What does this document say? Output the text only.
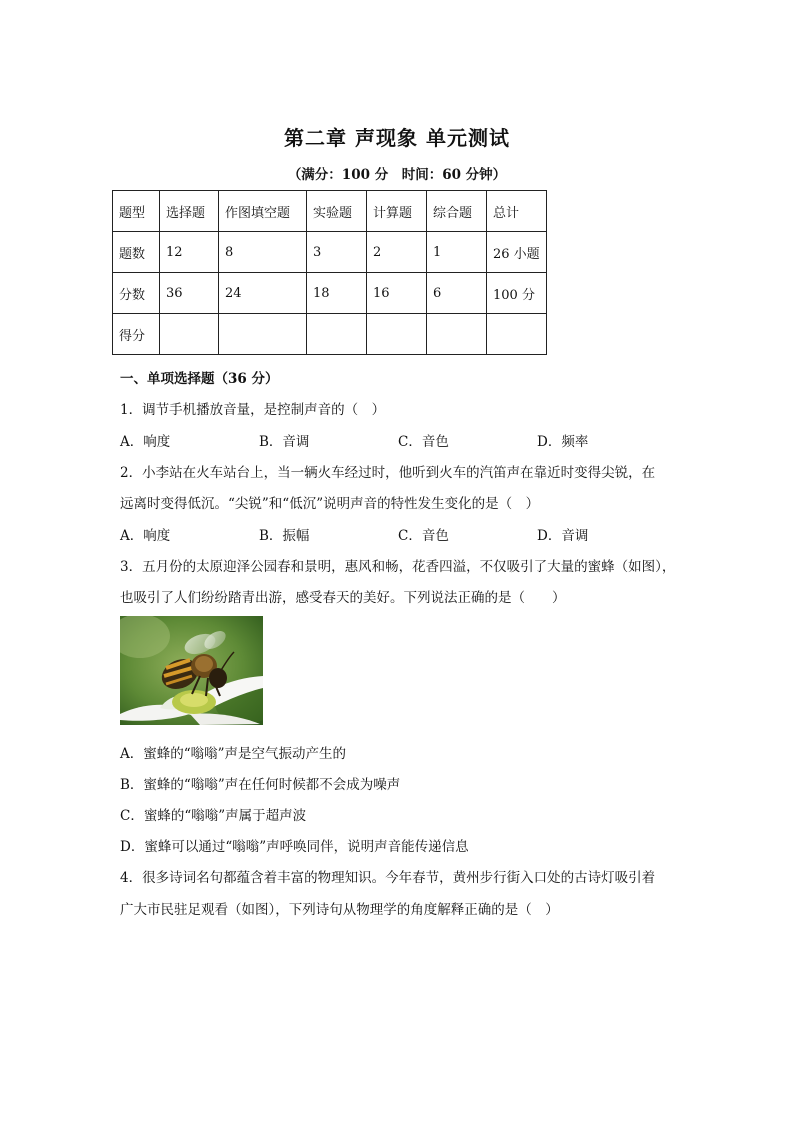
第二章 声现象 单元测试
（满分：100 分　时间：60 分钟）
题型	选择题	作图填空题	实验题	计算题	综合题	总计
题数	12	8	3	2	1	26 小题
分数	36	24	18	16	6	100 分
得分						
一、单项选择题（36 分）
1．调节手机播放音量，是控制声音的（　）
A．响度	B．音调	C．音色	D．频率
2．小李站在火车站台上，当一辆火车经过时，他听到火车的汽笛声在靠近时变得尖锐，在
远离时变得低沉。“尖锐”和“低沉”说明声音的特性发生变化的是（　）
A．响度	B．振幅	C．音色	D．音调
3．五月份的太原迎泽公园春和景明，惠风和畅，花香四溢，不仅吸引了大量的蜜蜂（如图），
也吸引了人们纷纷踏青出游，感受春天的美好。下列说法正确的是（　　）
A．蜜蜂的“嗡嗡”声是空气振动产生的
B．蜜蜂的“嗡嗡”声在任何时候都不会成为噪声
C．蜜蜂的“嗡嗡”声属于超声波
D．蜜蜂可以通过“嗡嗡”声呼唤同伴，说明声音能传递信息
4．很多诗词名句都蕴含着丰富的物理知识。今年春节，黄州步行街入口处的古诗灯吸引着
广大市民驻足观看（如图），下列诗句从物理学的角度解释正确的是（　）
